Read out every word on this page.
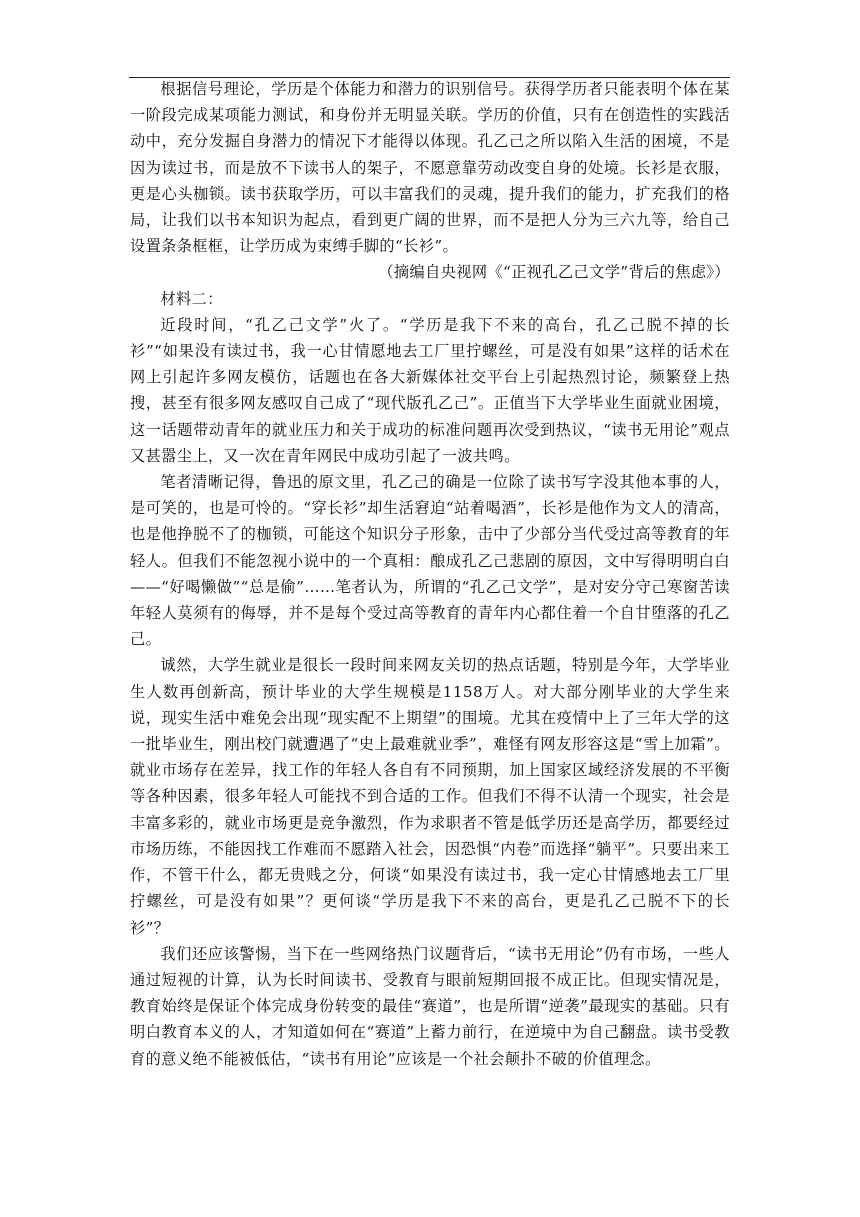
根据信号理论，学历是个体能力和潜力的识别信号。获得学历者只能表明个体在某一阶段完成某项能力测试，和身份并无明显关联。学历的价值，只有在创造性的实践活动中，充分发掘自身潜力的情况下才能得以体现。孔乙己之所以陷入生活的困境，不是因为读过书，而是放不下读书人的架子，不愿意靠劳动改变自身的处境。长衫是衣服，更是心头枷锁。读书获取学历，可以丰富我们的灵魂，提升我们的能力，扩充我们的格局，让我们以书本知识为起点，看到更广阔的世界，而不是把人分为三六九等，给自己设置条条框框，让学历成为束缚手脚的“长衫”。

（摘编自央视网《“正视孔乙己文学”背后的焦虑》）

材料二：

近段时间，“孔乙己文学”火了。“学历是我下不来的高台，孔乙己脱不掉的长衫”“如果没有读过书，我一心甘情愿地去工厂里拧螺丝，可是没有如果”这样的话术在网上引起许多网友模仿，话题也在各大新媒体社交平台上引起热烈讨论，频繁登上热搜，甚至有很多网友感叹自己成了“现代版孔乙己”。正值当下大学毕业生面就业困境，这一话题带动青年的就业压力和关于成功的标准问题再次受到热议，“读书无用论”观点又甚嚣尘上，又一次在青年网民中成功引起了一波共鸣。

笔者清晰记得，鲁迅的原文里，孔乙己的确是一位除了读书写字没其他本事的人，是可笑的，也是可怜的。“穿长衫”却生活窘迫“站着喝酒”，长衫是他作为文人的清高，也是他挣脱不了的枷锁，可能这个知识分子形象，击中了少部分当代受过高等教育的年轻人。但我们不能忽视小说中的一个真相：酿成孔乙己悲剧的原因，文中写得明明白白——“好喝懒做”“总是偷”……笔者认为，所谓的“孔乙己文学”，是对安分守己寒窗苦读年轻人莫须有的侮辱，并不是每个受过高等教育的青年内心都住着一个自甘堕落的孔乙己。

诚然，大学生就业是很长一段时间来网友关切的热点话题，特别是今年，大学毕业生人数再创新高，预计毕业的大学生规模是1158万人。对大部分刚毕业的大学生来说，现实生活中难免会出现“现实配不上期望”的围境。尤其在疫情中上了三年大学的这一批毕业生，刚出校门就遭遇了“史上最难就业季”，难怪有网友形容这是“雪上加霜”。就业市场存在差异，找工作的年轻人各自有不同预期，加上国家区域经济发展的不平衡等各种因素，很多年轻人可能找不到合适的工作。但我们不得不认清一个现实，社会是丰富多彩的，就业市场更是竞争激烈，作为求职者不管是低学历还是高学历，都要经过市场历练，不能因找工作难而不愿踏入社会，因恐惧“内卷”而选择“躺平”。只要出来工作，不管干什么，都无贵贱之分，何谈“如果没有读过书，我一定心甘情感地去工厂里拧螺丝，可是没有如果”？更何谈“学历是我下不来的高台，更是孔乙己脱不下的长衫”？

我们还应该警惕，当下在一些网络热门议题背后，“读书无用论”仍有市场，一些人通过短视的计算，认为长时间读书、受教育与眼前短期回报不成正比。但现实情况是，教育始终是保证个体完成身份转变的最佳“赛道”，也是所谓“逆袭”最现实的基础。只有明白教育本义的人，才知道如何在“赛道”上蓄力前行，在逆境中为自己翻盘。读书受教育的意义绝不能被低估，“读书有用论”应该是一个社会颠扑不破的价值理念。
